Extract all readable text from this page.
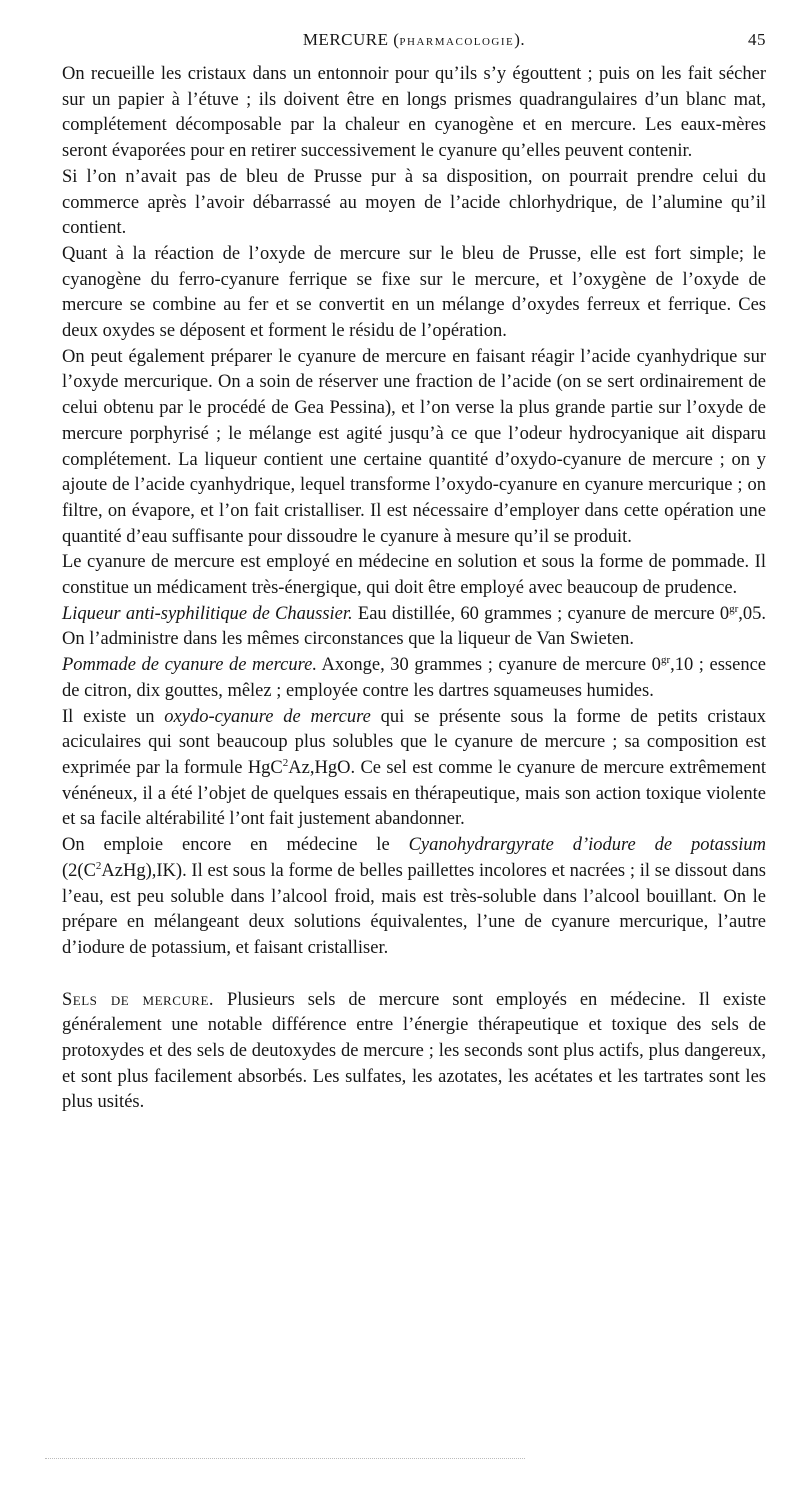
MERCURE (PHARMACOLOGIE).	45

On recueille les cristaux dans un entonnoir pour qu’ils s’y égouttent ; puis on les fait sécher sur un papier à l’étuve ; ils doivent être en longs prismes quadrangulaires d’un blanc mat, complétement décomposable par la chaleur en cyanogène et en mercure. Les eaux-mères seront évaporées pour en retirer successivement le cyanure qu’elles peuvent contenir.

Si l’on n’avait pas de bleu de Prusse pur à sa disposition, on pourrait prendre celui du commerce après l’avoir débarrassé au moyen de l’acide chlorhydrique, de l’alumine qu’il contient.

Quant à la réaction de l’oxyde de mercure sur le bleu de Prusse, elle est fort simple; le cyanogène du ferro-cyanure ferrique se fixe sur le mercure, et l’oxygène de l’oxyde de mercure se combine au fer et se convertit en un mélange d’oxydes ferreux et ferrique. Ces deux oxydes se déposent et forment le résidu de l’opération.

On peut également préparer le cyanure de mercure en faisant réagir l’acide cyanhydrique sur l’oxyde mercurique. On a soin de réserver une fraction de l’acide (on se sert ordinairement de celui obtenu par le procédé de Gea Pessina), et l’on verse la plus grande partie sur l’oxyde de mercure porphyrisé ; le mélange est agité jusqu’à ce que l’odeur hydrocyanique ait disparu complétement. La liqueur contient une certaine quantité d’oxydo-cyanure de mercure ; on y ajoute de l’acide cyanhydrique, lequel transforme l’oxydo-cyanure en cyanure mercurique ; on filtre, on évapore, et l’on fait cristalliser. Il est nécessaire d’employer dans cette opération une quantité d’eau suffisante pour dissoudre le cyanure à mesure qu’il se produit.

Le cyanure de mercure est employé en médecine en solution et sous la forme de pommade. Il constitue un médicament très-énergique, qui doit être employé avec beaucoup de prudence.

Liqueur anti-syphilitique de Chaussier. Eau distillée, 60 grammes ; cyanure de mercure $0^{gr},05$. On l’administre dans les mêmes circonstances que la liqueur de Van Swieten.

Pommade de cyanure de mercure. Axonge, 30 grammes ; cyanure de mercure $0^{gr},10$ ; essence de citron, dix gouttes, mêlez ; employée contre les dartres squameuses humides.

Il existe un oxydo-cyanure de mercure qui se présente sous la forme de petits cristaux aciculaires qui sont beaucoup plus solubles que le cyanure de mercure ; sa composition est exprimée par la formule HgC$^2$Az,HgO. Ce sel est comme le cyanure de mercure extrêmement vénéneux, il a été l’objet de quelques essais en thérapeutique, mais son action toxique violente et sa facile altérabilité l’ont fait justement abandonner.

On emploie encore en médecine le Cyanohydrargyrate d’iodure de potassium $(2(C^2AzHg),IK)$. Il est sous la forme de belles paillettes incolores et nacrées ; il se dissout dans l’eau, est peu soluble dans l’alcool froid, mais est très-soluble dans l’alcool bouillant. On le prépare en mélangeant deux solutions équivalentes, l’une de cyanure mercurique, l’autre d’iodure de potassium, et faisant cristalliser.

Sels de mercure. Plusieurs sels de mercure sont employés en médecine. Il existe généralement une notable différence entre l’énergie thérapeutique et toxique des sels de protoxydes et des sels de deutoxydes de mercure ; les seconds sont plus actifs, plus dangereux, et sont plus facilement absorbés. Les sulfates, les azotates, les acétates et les tartrates sont les plus usités.
